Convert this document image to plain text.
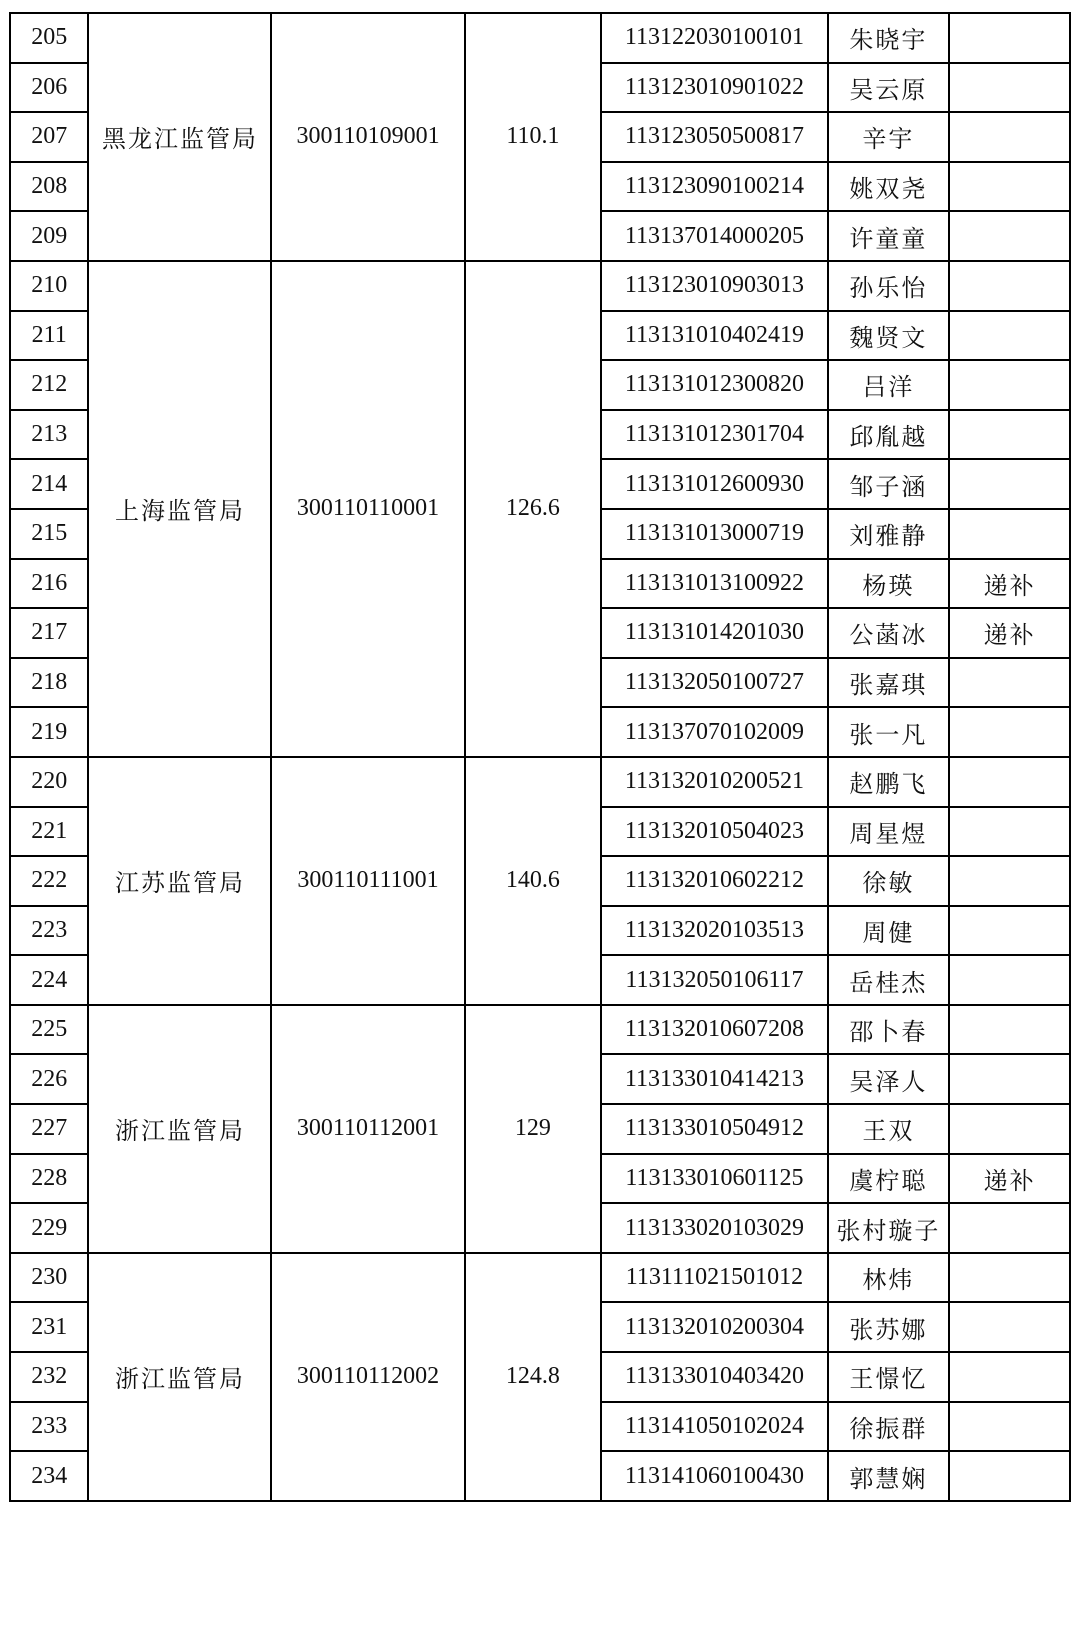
205	黑龙江监管局	300110109001	110.1	113122030100101	朱晓宇	
206				113123010901022	吴云原	
207				113123050500817	辛宇	
208				113123090100214	姚双尧	
209				113137014000205	许童童	
210	上海监管局	300110110001	126.6	113123010903013	孙乐怡	
211				113131010402419	魏贤文	
212				113131012300820	吕洋	
213				113131012301704	邱胤越	
214				113131012600930	邹子涵	
215				113131013000719	刘雅静	
216				113131013100922	杨瑛	递补
217				113131014201030	公菡冰	递补
218				113132050100727	张嘉琪	
219				113137070102009	张一凡	
220	江苏监管局	300110111001	140.6	113132010200521	赵鹏飞	
221				113132010504023	周星煜	
222				113132010602212	徐敏	
223				113132020103513	周健	
224				113132050106117	岳桂杰	
225	浙江监管局	300110112001	129	113132010607208	邵卜春	
226				113133010414213	吴泽人	
227				113133010504912	王双	
228				113133010601125	虞柠聪	递补
229				113133020103029	张村璇子	
230	浙江监管局	300110112002	124.8	113111021501012	林炜	
231				113132010200304	张苏娜	
232				113133010403420	王憬忆	
233				113141050102024	徐振群	
234				113141060100430	郭慧娴	
